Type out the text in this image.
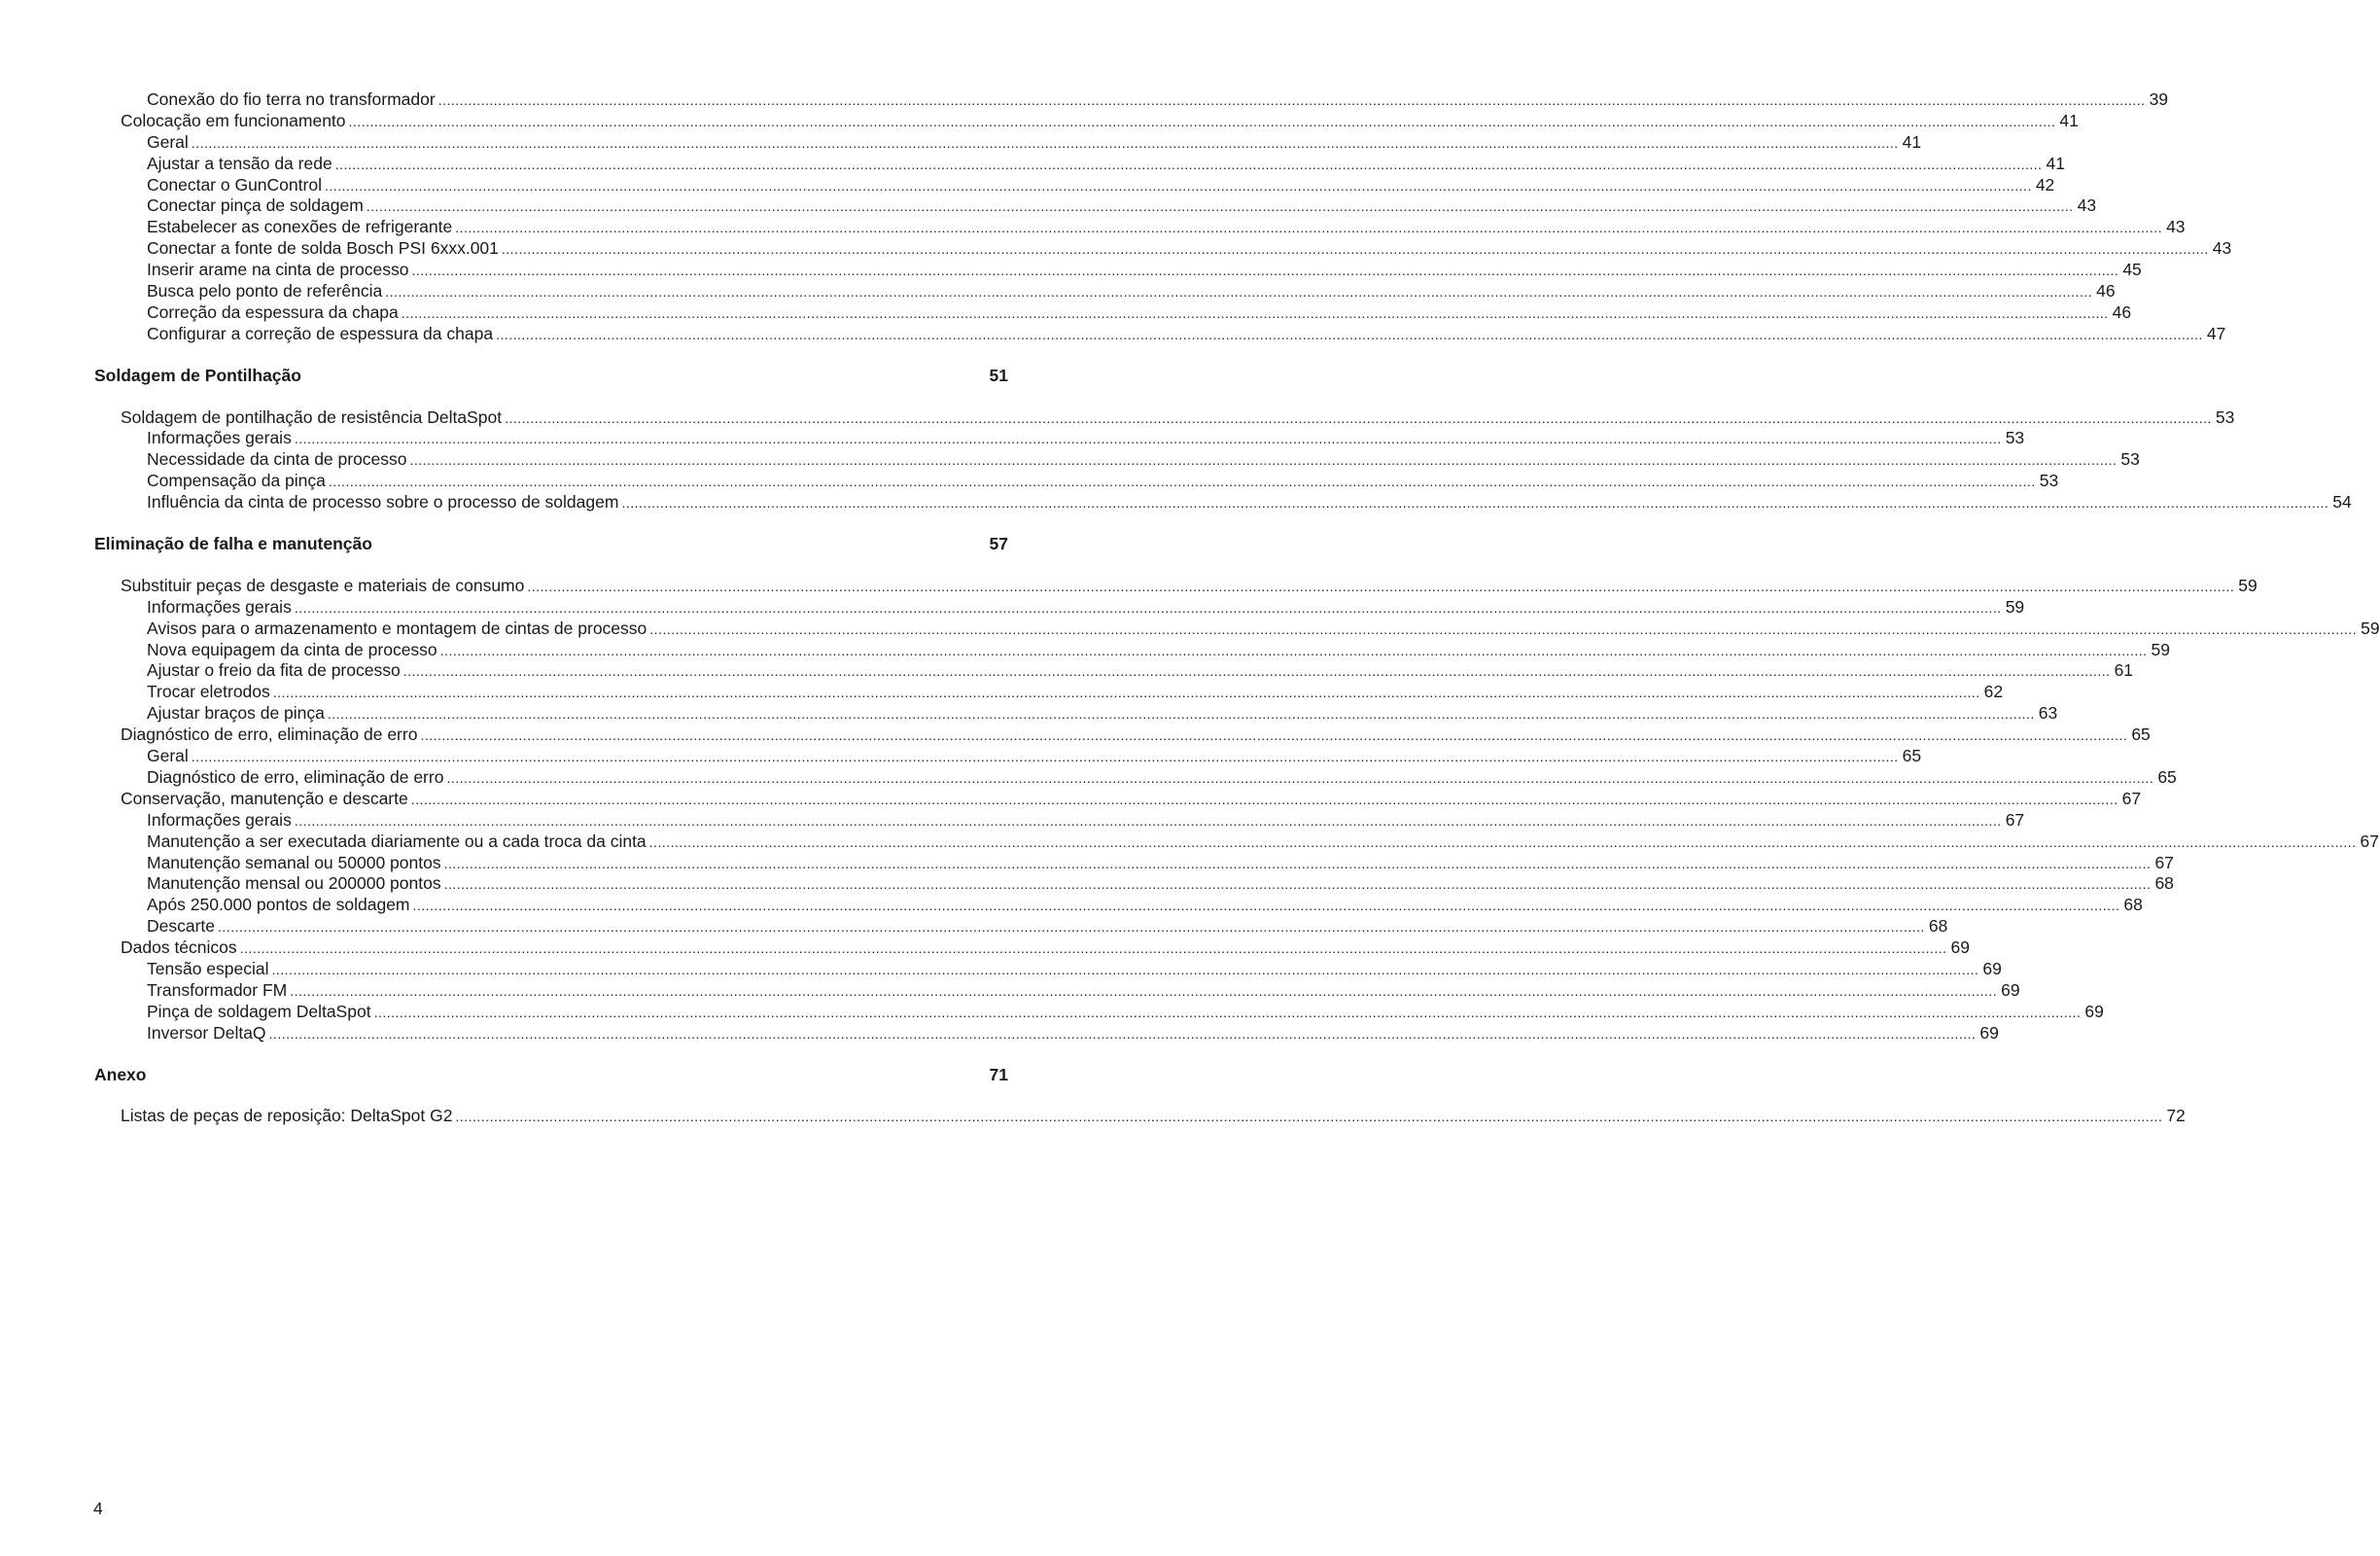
Conexão do fio terra no transformador ................................................................................................................................................................................................................................................................................................................................................................................................................ 39
Colocação em funcionamento ................................................................................................................................................................................................................................................................................................................................................................................................................ 41
Geral ................................................................................................................................................................................................................................................................................................................................................................................................................ 41
Ajustar a tensão da rede ................................................................................................................................................................................................................................................................................................................................................................................................................ 41
Conectar o GunControl ................................................................................................................................................................................................................................................................................................................................................................................................................ 42
Conectar pinça de soldagem ................................................................................................................................................................................................................................................................................................................................................................................................................ 43
Estabelecer as conexões de refrigerante ................................................................................................................................................................................................................................................................................................................................................................................................................ 43
Conectar a fonte de solda Bosch PSI 6xxx.001 ................................................................................................................................................................................................................................................................................................................................................................................................................ 43
Inserir arame na cinta de processo ................................................................................................................................................................................................................................................................................................................................................................................................................ 45
Busca pelo ponto de referência ................................................................................................................................................................................................................................................................................................................................................................................................................ 46
Correção da espessura da chapa ................................................................................................................................................................................................................................................................................................................................................................................................................ 46
Configurar a correção de espessura da chapa ................................................................................................................................................................................................................................................................................................................................................................................................................ 47
Soldagem de Pontilhação	51
Soldagem de pontilhação de resistência DeltaSpot ................................................................................................................................................................................................................................................................................................................................................................................................................ 53
Informações gerais ................................................................................................................................................................................................................................................................................................................................................................................................................ 53
Necessidade da cinta de processo ................................................................................................................................................................................................................................................................................................................................................................................................................ 53
Compensação da pinça ................................................................................................................................................................................................................................................................................................................................................................................................................ 53
Influência da cinta de processo sobre o processo de soldagem ................................................................................................................................................................................................................................................................................................................................................................................................................ 54
Eliminação de falha e manutenção	57
Substituir peças de desgaste e materiais de consumo ................................................................................................................................................................................................................................................................................................................................................................................................................ 59
Informações gerais ................................................................................................................................................................................................................................................................................................................................................................................................................ 59
Avisos para o armazenamento e montagem de cintas de processo ................................................................................................................................................................................................................................................................................................................................................................................................................ 59
Nova equipagem da cinta de processo ................................................................................................................................................................................................................................................................................................................................................................................................................ 59
Ajustar o freio da fita de processo ................................................................................................................................................................................................................................................................................................................................................................................................................ 61
Trocar eletrodos ................................................................................................................................................................................................................................................................................................................................................................................................................ 62
Ajustar braços de pinça ................................................................................................................................................................................................................................................................................................................................................................................................................ 63
Diagnóstico de erro, eliminação de erro ................................................................................................................................................................................................................................................................................................................................................................................................................ 65
Geral ................................................................................................................................................................................................................................................................................................................................................................................................................ 65
Diagnóstico de erro, eliminação de erro ................................................................................................................................................................................................................................................................................................................................................................................................................ 65
Conservação, manutenção e descarte ................................................................................................................................................................................................................................................................................................................................................................................................................ 67
Informações gerais ................................................................................................................................................................................................................................................................................................................................................................................................................ 67
Manutenção a ser executada diariamente ou a cada troca da cinta ................................................................................................................................................................................................................................................................................................................................................................................................................ 67
Manutenção semanal ou 50000 pontos ................................................................................................................................................................................................................................................................................................................................................................................................................ 67
Manutenção mensal ou 200000 pontos ................................................................................................................................................................................................................................................................................................................................................................................................................ 68
Após 250.000 pontos de soldagem ................................................................................................................................................................................................................................................................................................................................................................................................................ 68
Descarte ................................................................................................................................................................................................................................................................................................................................................................................................................ 68
Dados técnicos ................................................................................................................................................................................................................................................................................................................................................................................................................ 69
Tensão especial ................................................................................................................................................................................................................................................................................................................................................................................................................ 69
Transformador FM ................................................................................................................................................................................................................................................................................................................................................................................................................ 69
Pinça de soldagem DeltaSpot ................................................................................................................................................................................................................................................................................................................................................................................................................ 69
Inversor DeltaQ ................................................................................................................................................................................................................................................................................................................................................................................................................ 69
Anexo	71
Listas de peças de reposição: DeltaSpot G2 ................................................................................................................................................................................................................................................................................................................................................................................................................ 72
4
